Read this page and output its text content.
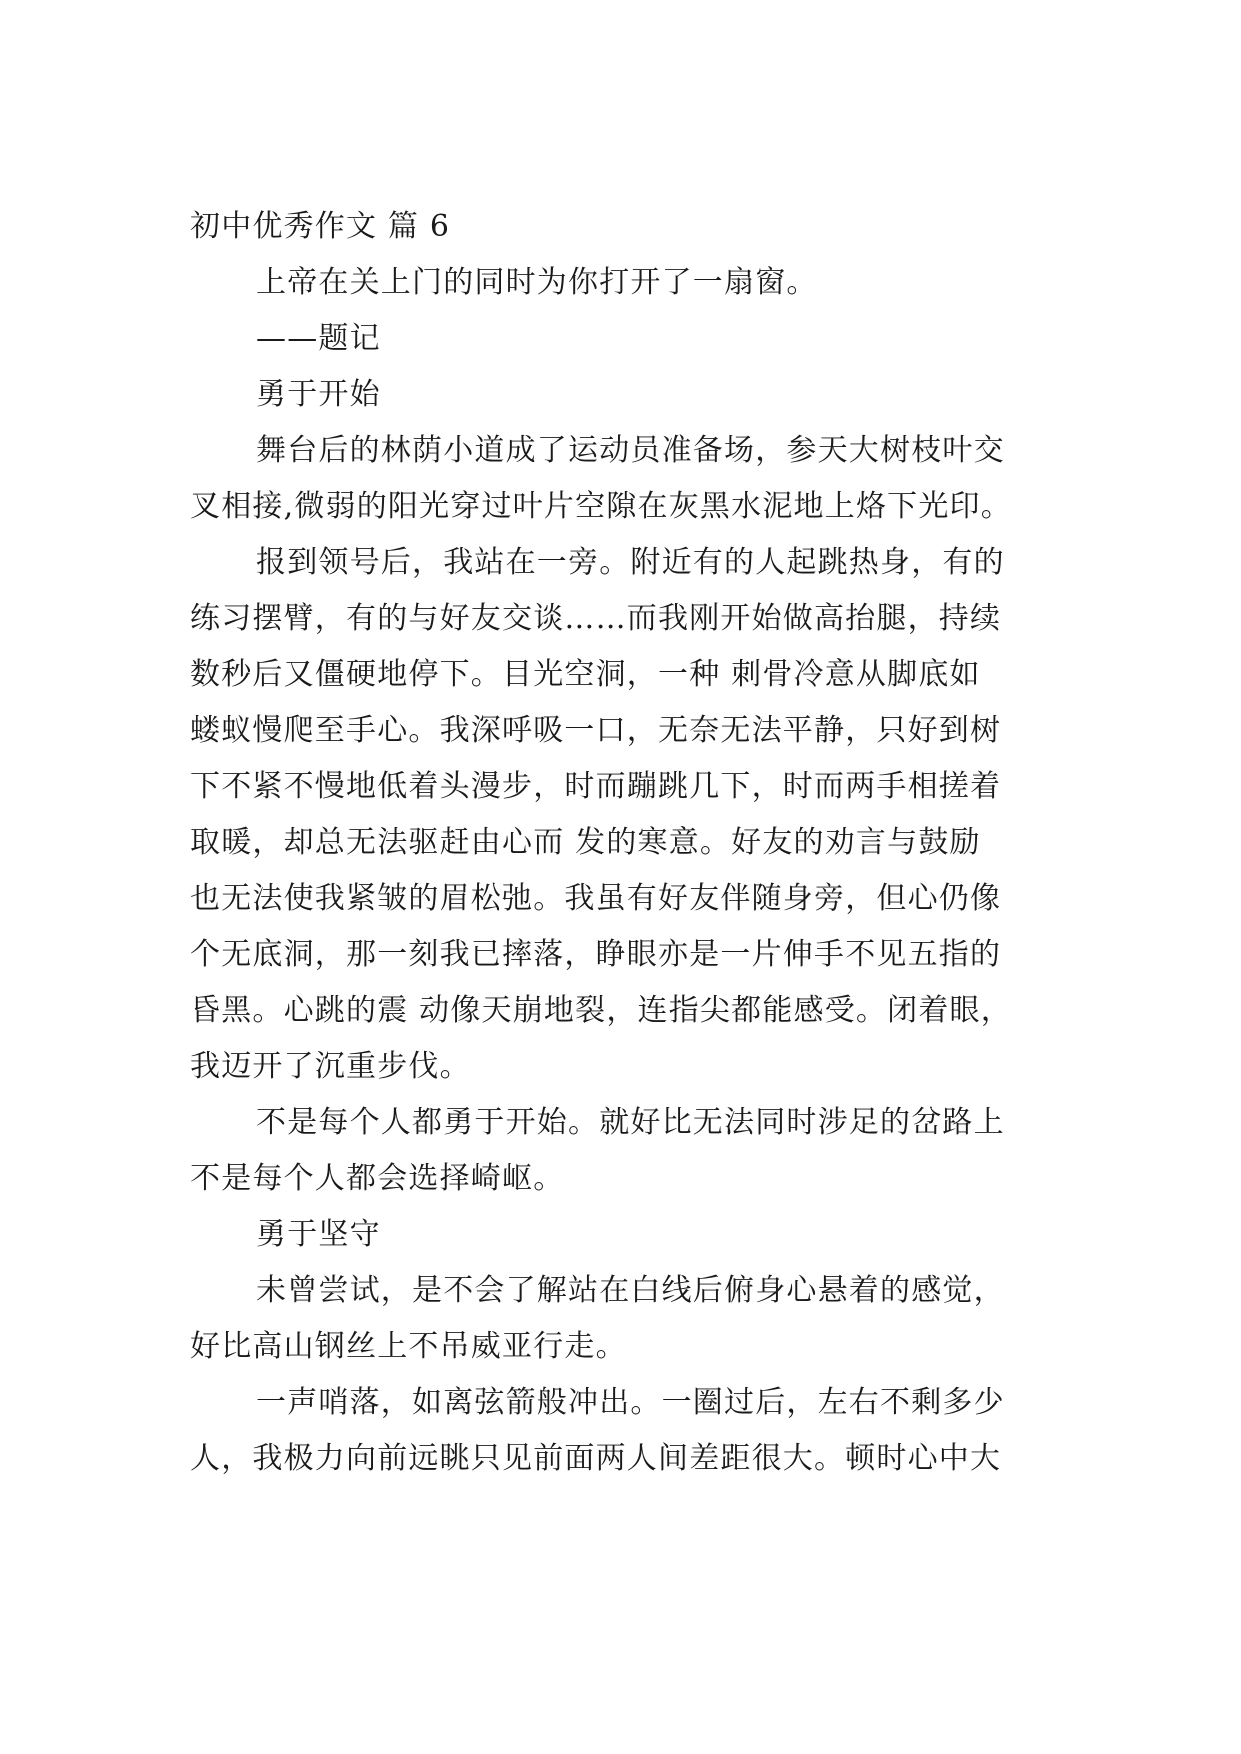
初中优秀作文 篇 6
上帝在关上门的同时为你打开了一扇窗。
——题记
勇于开始
舞台后的林荫小道成了运动员准备场，参天大树枝叶交
叉相接,微弱的阳光穿过叶片空隙在灰黑水泥地上烙下光印。
报到领号后，我站在一旁。附近有的人起跳热身，有的
练习摆臂，有的与好友交谈……而我刚开始做高抬腿，持续
数秒后又僵硬地停下。目光空洞，一种 刺骨冷意从脚底如
蝼蚁慢爬至手心。我深呼吸一口，无奈无法平静，只好到树
下不紧不慢地低着头漫步，时而蹦跳几下，时而两手相搓着
取暖，却总无法驱赶由心而 发的寒意。好友的劝言与鼓励
也无法使我紧皱的眉松弛。我虽有好友伴随身旁，但心仍像
个无底洞，那一刻我已摔落，睁眼亦是一片伸手不见五指的
昏黑。心跳的震 动像天崩地裂，连指尖都能感受。闭着眼，
我迈开了沉重步伐。
不是每个人都勇于开始。就好比无法同时涉足的岔路上
不是每个人都会选择崎岖。
勇于坚守
未曾尝试，是不会了解站在白线后俯身心悬着的感觉，
好比高山钢丝上不吊威亚行走。
一声哨落，如离弦箭般冲出。一圈过后，左右不剩多少
人，我极力向前远眺只见前面两人间差距很大。顿时心中大
